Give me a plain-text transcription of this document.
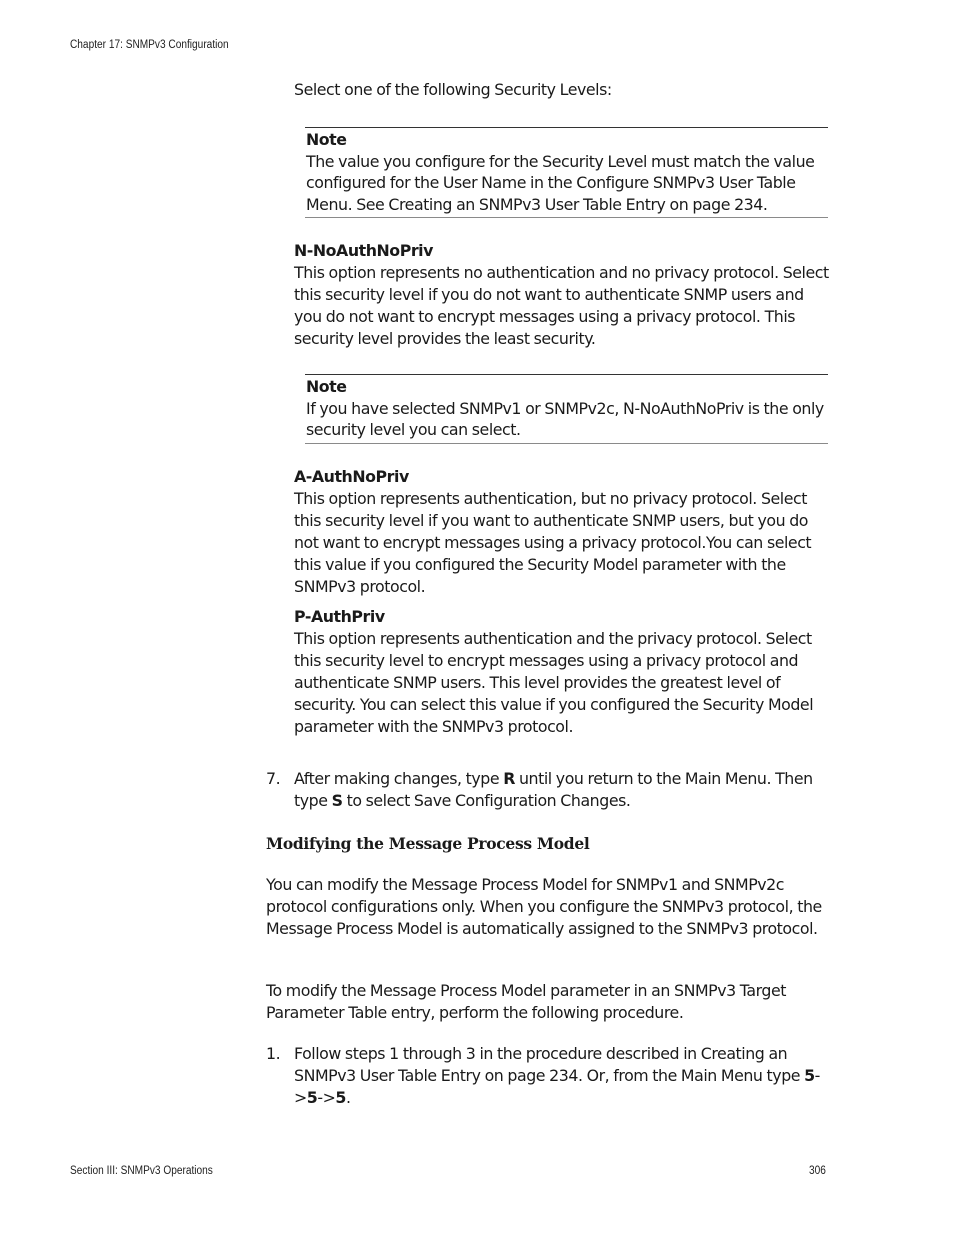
Chapter 17: SNMPv3 Configuration
Select one of the following Security Levels:
Note
The value you configure for the Security Level must match the value configured for the User Name in the Configure SNMPv3 User Table Menu. See Creating an SNMPv3 User Table Entry on page 234.
N-NoAuthNoPriv
This option represents no authentication and no privacy protocol. Select this security level if you do not want to authenticate SNMP users and you do not want to encrypt messages using a privacy protocol. This security level provides the least security.
Note
If you have selected SNMPv1 or SNMPv2c, N-NoAuthNoPriv is the only security level you can select.
A-AuthNoPriv
This option represents authentication, but no privacy protocol. Select this security level if you want to authenticate SNMP users, but you do not want to encrypt messages using a privacy protocol.You can select this value if you configured the Security Model parameter with the SNMPv3 protocol.
P-AuthPriv
This option represents authentication and the privacy protocol. Select this security level to encrypt messages using a privacy protocol and authenticate SNMP users. This level provides the greatest level of security. You can select this value if you configured the Security Model parameter with the SNMPv3 protocol.
7. After making changes, type R until you return to the Main Menu. Then type S to select Save Configuration Changes.
Modifying the Message Process Model
You can modify the Message Process Model for SNMPv1 and SNMPv2c protocol configurations only. When you configure the SNMPv3 protocol, the Message Process Model is automatically assigned to the SNMPv3 protocol.
To modify the Message Process Model parameter in an SNMPv3 Target Parameter Table entry, perform the following procedure.
1. Follow steps 1 through 3 in the procedure described in Creating an SNMPv3 User Table Entry on page 234. Or, from the Main Menu type 5->5->5.
Section III: SNMPv3 Operations	306
